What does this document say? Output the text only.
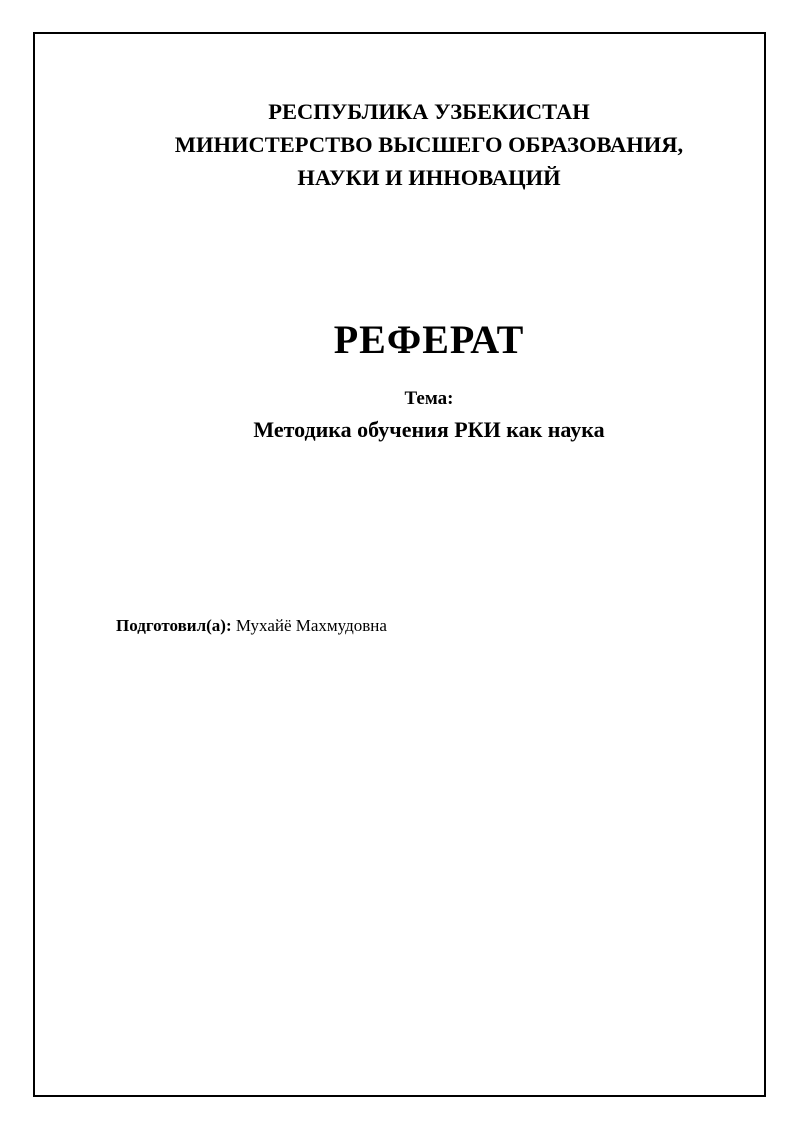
РЕСПУБЛИКА УЗБЕКИСТАН
МИНИСТЕРСТВО ВЫСШЕГО ОБРАЗОВАНИЯ,
НАУКИ И ИННОВАЦИЙ
РЕФЕРАТ
Тема:
Методика обучения РКИ как наука
Подготовил(а): Мухайё Махмудовна
